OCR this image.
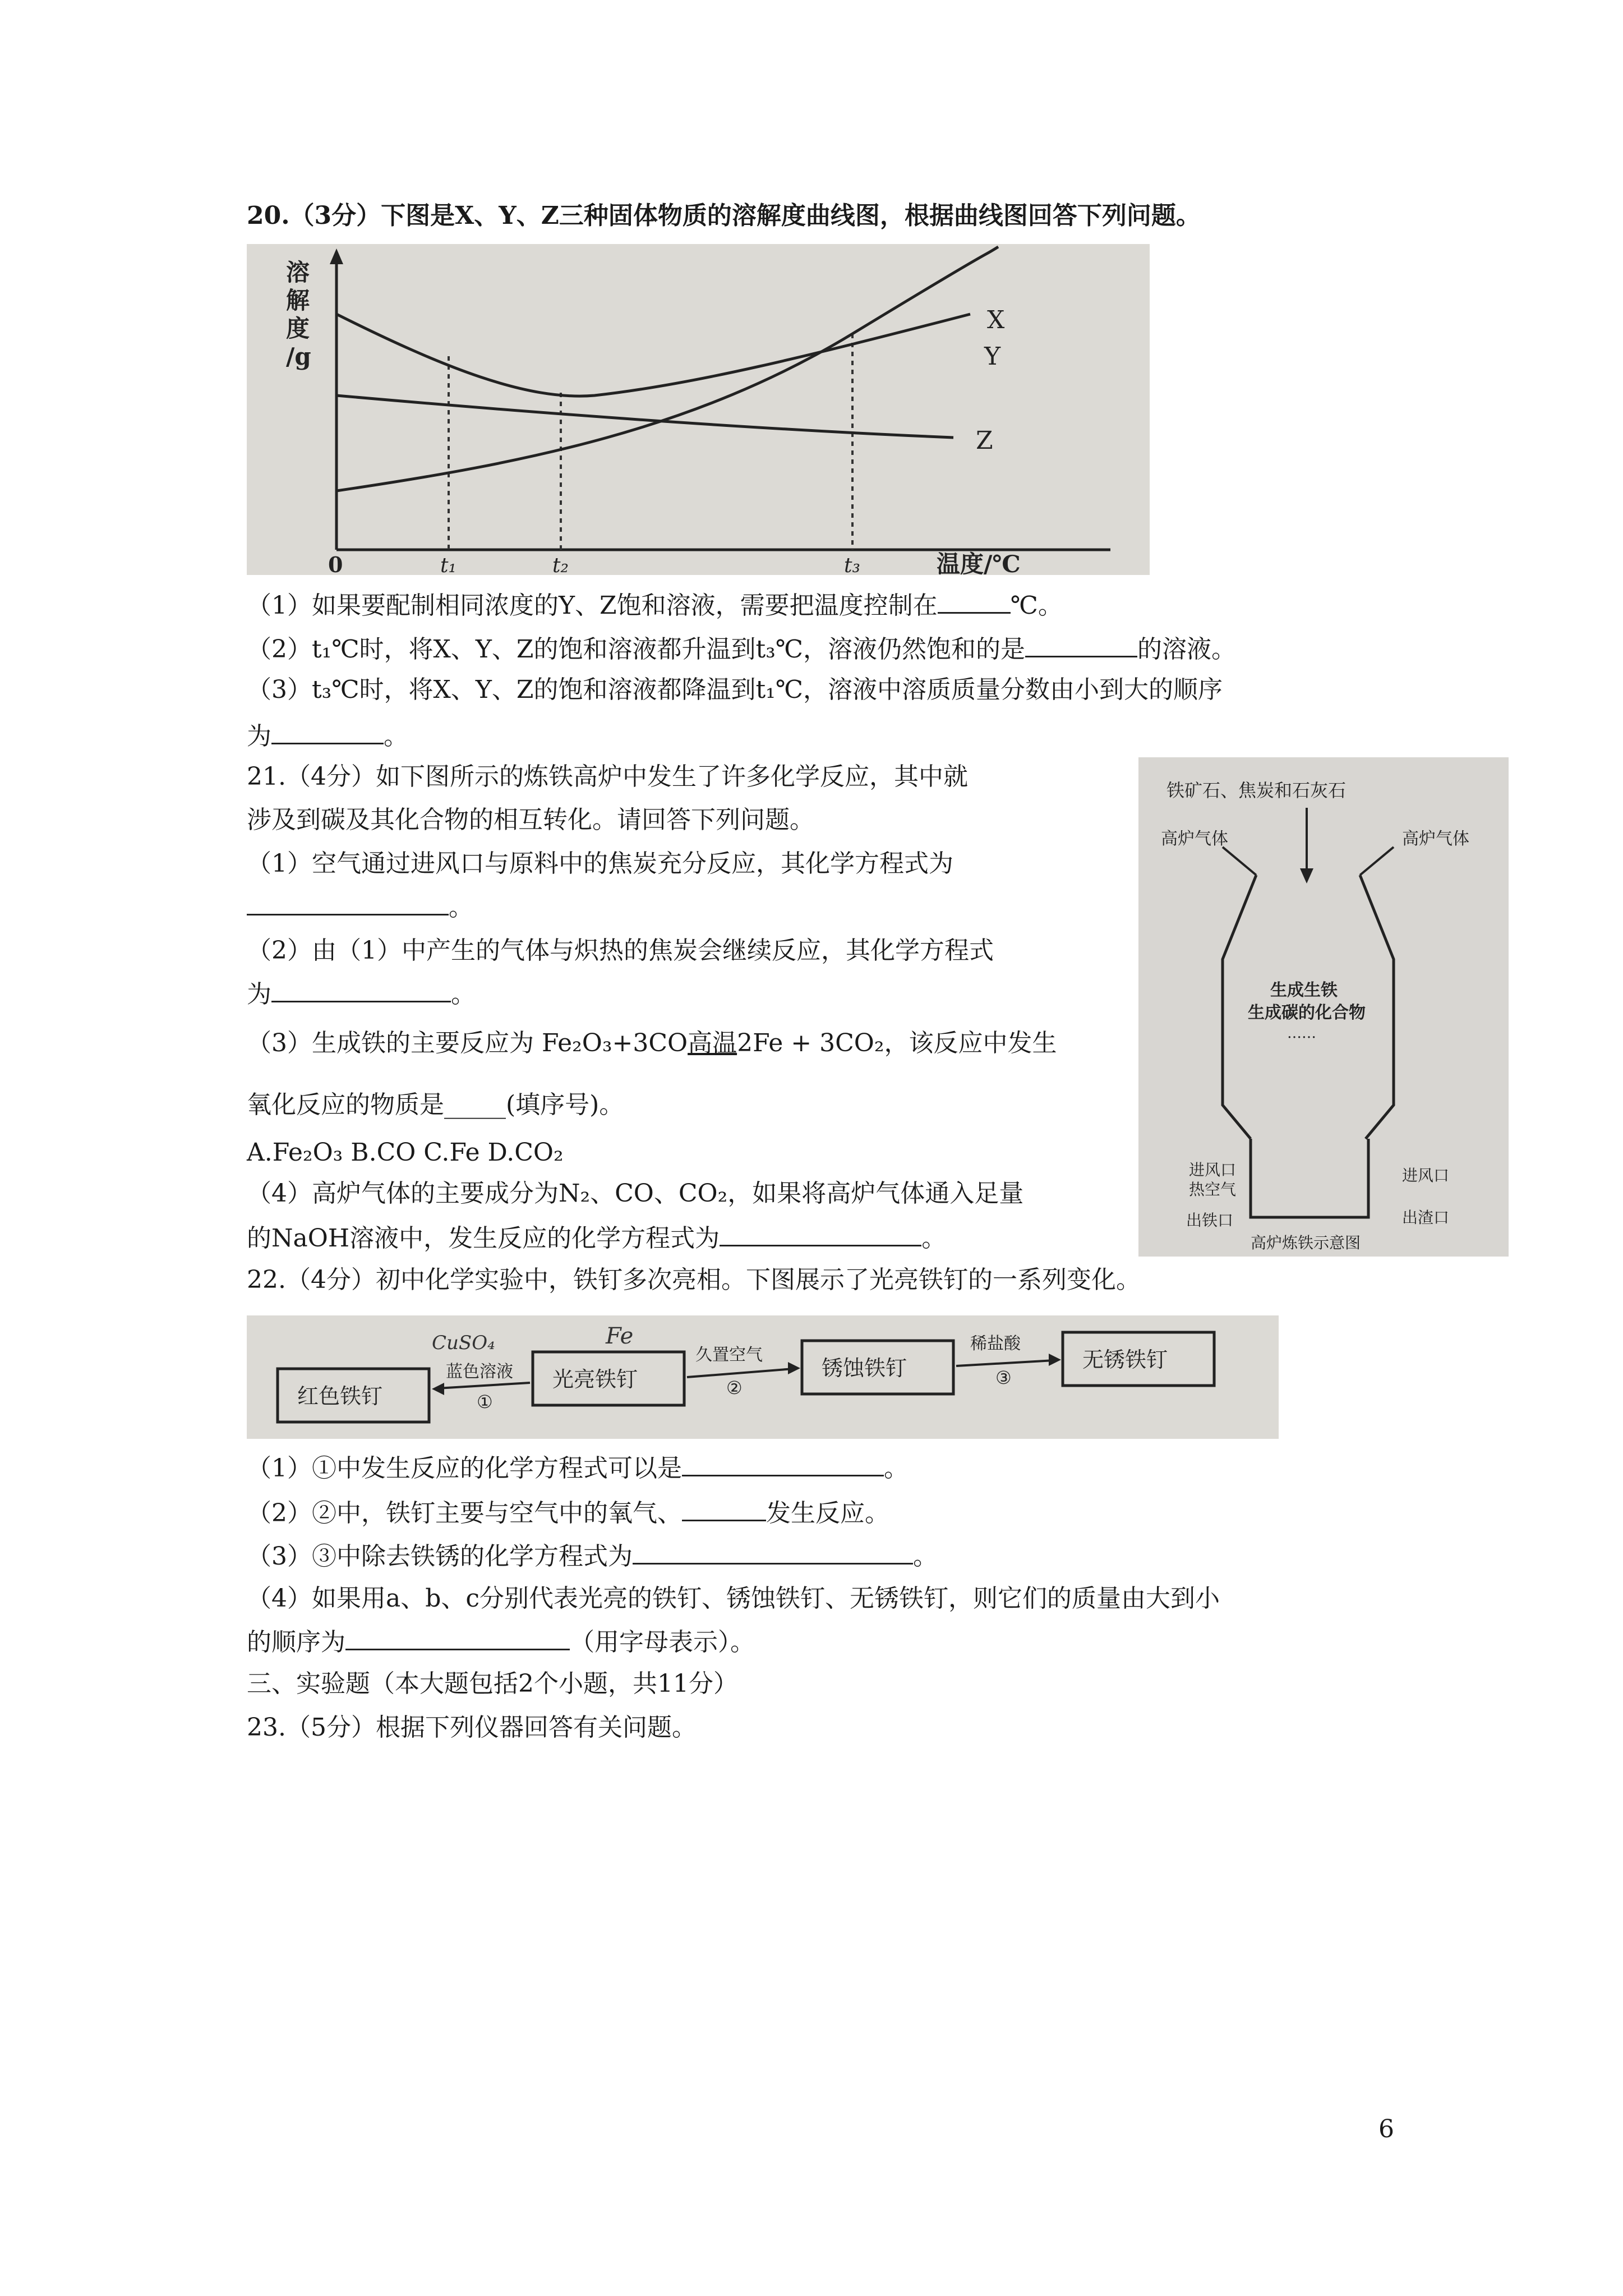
20.（3分）下图是X、Y、Z三种固体物质的溶解度曲线图，根据曲线图回答下列问题。
溶
解
度
/g
0	t₁	t₂	t₃	温度/℃
X
Y
Z
（1）如果要配制相同浓度的Y、Z饱和溶液，需要把温度控制在	℃。
（2）t₁℃时，将X、Y、Z的饱和溶液都升温到t₃℃，溶液仍然饱和的是	的溶液。
（3）t₃℃时，将X、Y、Z的饱和溶液都降温到t₁℃，溶液中溶质质量分数由小到大的顺序
为	。
21.（4分）如下图所示的炼铁高炉中发生了许多化学反应，其中就
涉及到碳及其化合物的相互转化。请回答下列问题。
（1）空气通过进风口与原料中的焦炭充分反应，其化学方程式为
。
（2）由（1）中产生的气体与炽热的焦炭会继续反应，其化学方程式
为	。
（3）生成铁的主要反应为 Fe₂O₃+3CO高温2Fe + 3CO₂，该反应中发生
氧化反应的物质是_____(填序号)。
A.Fe₂O₃ B.CO C.Fe D.CO₂
（4）高炉气体的主要成分为N₂、CO、CO₂，如果将高炉气体通入足量
的NaOH溶液中，发生反应的化学方程式为	。
铁矿石、焦炭和石灰石
高炉气体	高炉气体
生成生铁
生成碳的化合物
……
进风口
热空气
进风口
出铁口	出渣口
高炉炼铁示意图
22.（4分）初中化学实验中，铁钉多次亮相。下图展示了光亮铁钉的一系列变化。
红色铁钉
光亮铁钉	锈蚀铁钉	无锈铁钉
蓝色溶液
①
久置空气
②
稀盐酸
③
CuSO₄	Fe
（1）①中发生反应的化学方程式可以是	。
（2）②中，铁钉主要与空气中的氧气、	发生反应。
（3）③中除去铁锈的化学方程式为	。
（4）如果用a、b、c分别代表光亮的铁钉、锈蚀铁钉、无锈铁钉，则它们的质量由大到小
的顺序为	（用字母表示）。
三、实验题（本大题包括2个小题，共11分）
23.（5分）根据下列仪器回答有关问题。
6
